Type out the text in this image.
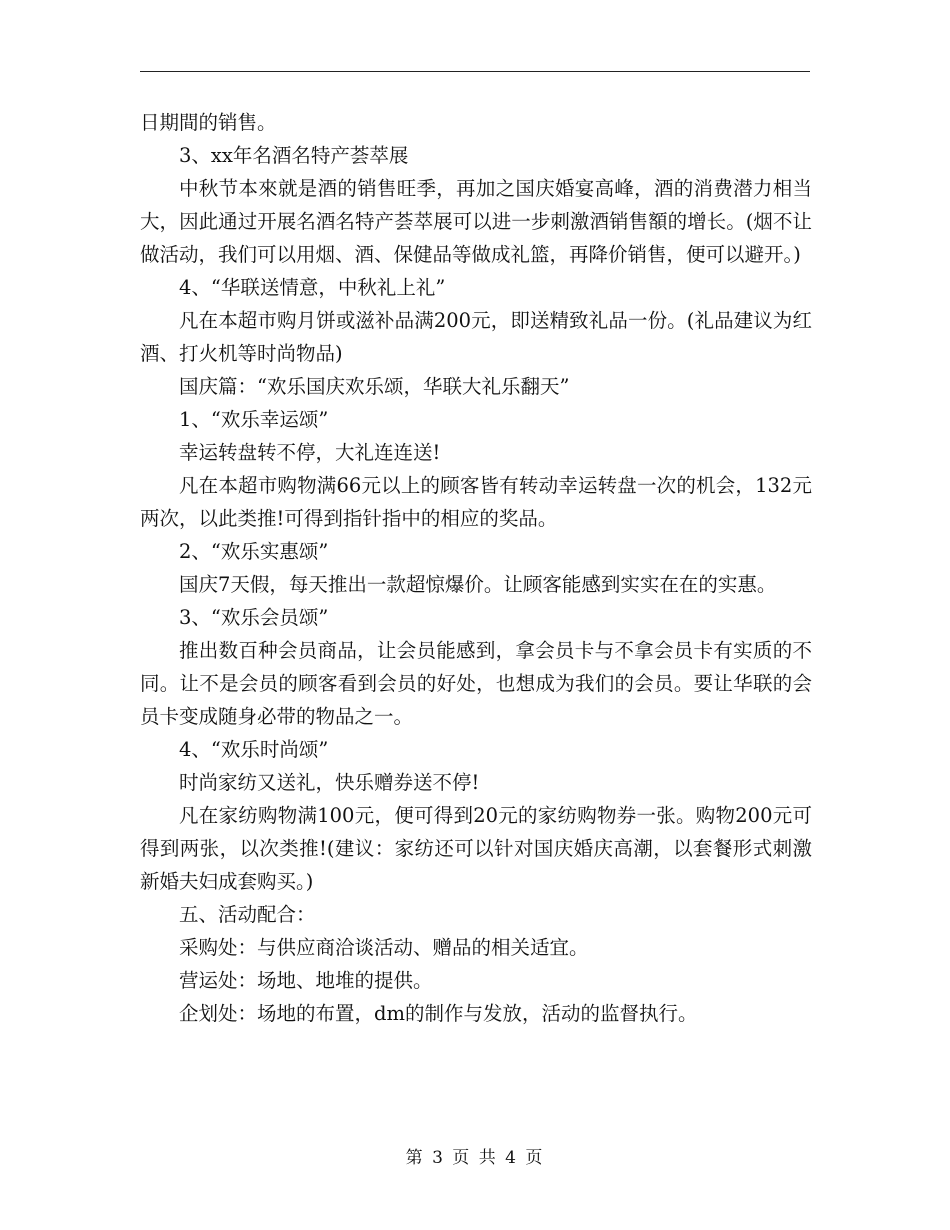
日期間的销售。

3、xx年名酒名特产荟萃展

中秋节本來就是酒的销售旺季，再加之国庆婚宴高峰，酒的消费潜力相当大，因此通过开展名酒名特产荟萃展可以进一步刺激酒销售額的增长。(烟不让做活动，我们可以用烟、酒、保健品等做成礼篮，再降价销售，便可以避开。)

4、“华联送情意，中秋礼上礼”

凡在本超市购月饼或滋补品满200元，即送精致礼品一份。(礼品建议为红酒、打火机等时尚物品)

国庆篇：“欢乐国庆欢乐颂，华联大礼乐翻天”

1、“欢乐幸运颂”

幸运转盘转不停，大礼连连送!

凡在本超市购物满66元以上的顾客皆有转动幸运转盘一次的机会，132元两次，以此类推!可得到指针指中的相应的奖品。

2、“欢乐实惠颂”

国庆7天假，每天推出一款超惊爆价。让顾客能感到实实在在的实惠。

3、“欢乐会员颂”

推出数百种会员商品，让会员能感到，拿会员卡与不拿会员卡有实质的不同。让不是会员的顾客看到会员的好处，也想成为我们的会员。要让华联的会员卡变成随身必带的物品之一。

4、“欢乐时尚颂”

时尚家纺又送礼，快乐赠券送不停!

凡在家纺购物满100元，便可得到20元的家纺购物券一张。购物200元可得到两张，以次类推!(建议：家纺还可以针对国庆婚庆高潮，以套餐形式刺激新婚夫妇成套购买。)

五、活动配合：

采购处：与供应商洽谈活动、赠品的相关适宜。

营运处：场地、地堆的提供。

企划处：场地的布置，dm的制作与发放，活动的监督执行。

第 3 页 共 4 页
